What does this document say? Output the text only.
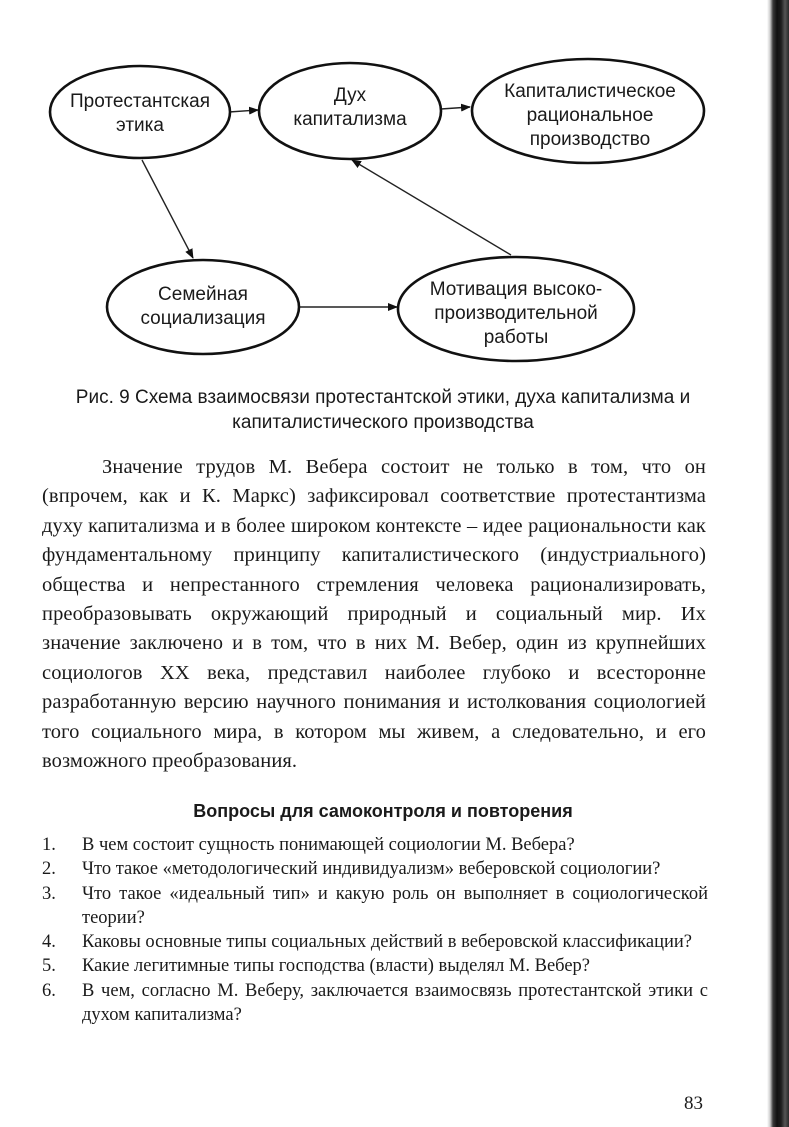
Протестантская
этика
Дух
капитализма
Капиталистическое
рациональное
производство
Семейная
социализация
Мотивация высоко-
производительной
работы

Рис. 9 Схема взаимосвязи протестантской этики, духа капитализма и капиталистического производства

Значение трудов М. Вебера состоит не только в том, что он (впрочем, как и К. Маркс) зафиксировал соответствие протестантизма духу капитализма и в более широком контексте – идее рациональности как фундаментальному принципу капиталистического (индустриального) общества и непрестанного стремления человека рационализировать, преобразовывать окружающий природный и социальный мир. Их значение заключено и в том, что в них М. Вебер, один из крупнейших социологов XX века, представил наиболее глубоко и всесторонне разработанную версию научного понимания и истолкования социологией того социального мира, в котором мы живем, а следовательно, и его возможного преобразования.

Вопросы для самоконтроля и повторения
1. В чем состоит сущность понимающей социологии М. Вебера?
2. Что такое «методологический индивидуализм» веберовской социологии?
3. Что такое «идеальный тип» и какую роль он выполняет в социологической теории?
4. Каковы основные типы социальных действий в веберовской классификации?
5. Какие легитимные типы господства (власти) выделял М. Вебер?
6. В чем, согласно М. Веберу, заключается взаимосвязь протестантской этики с духом капитализма?

83
